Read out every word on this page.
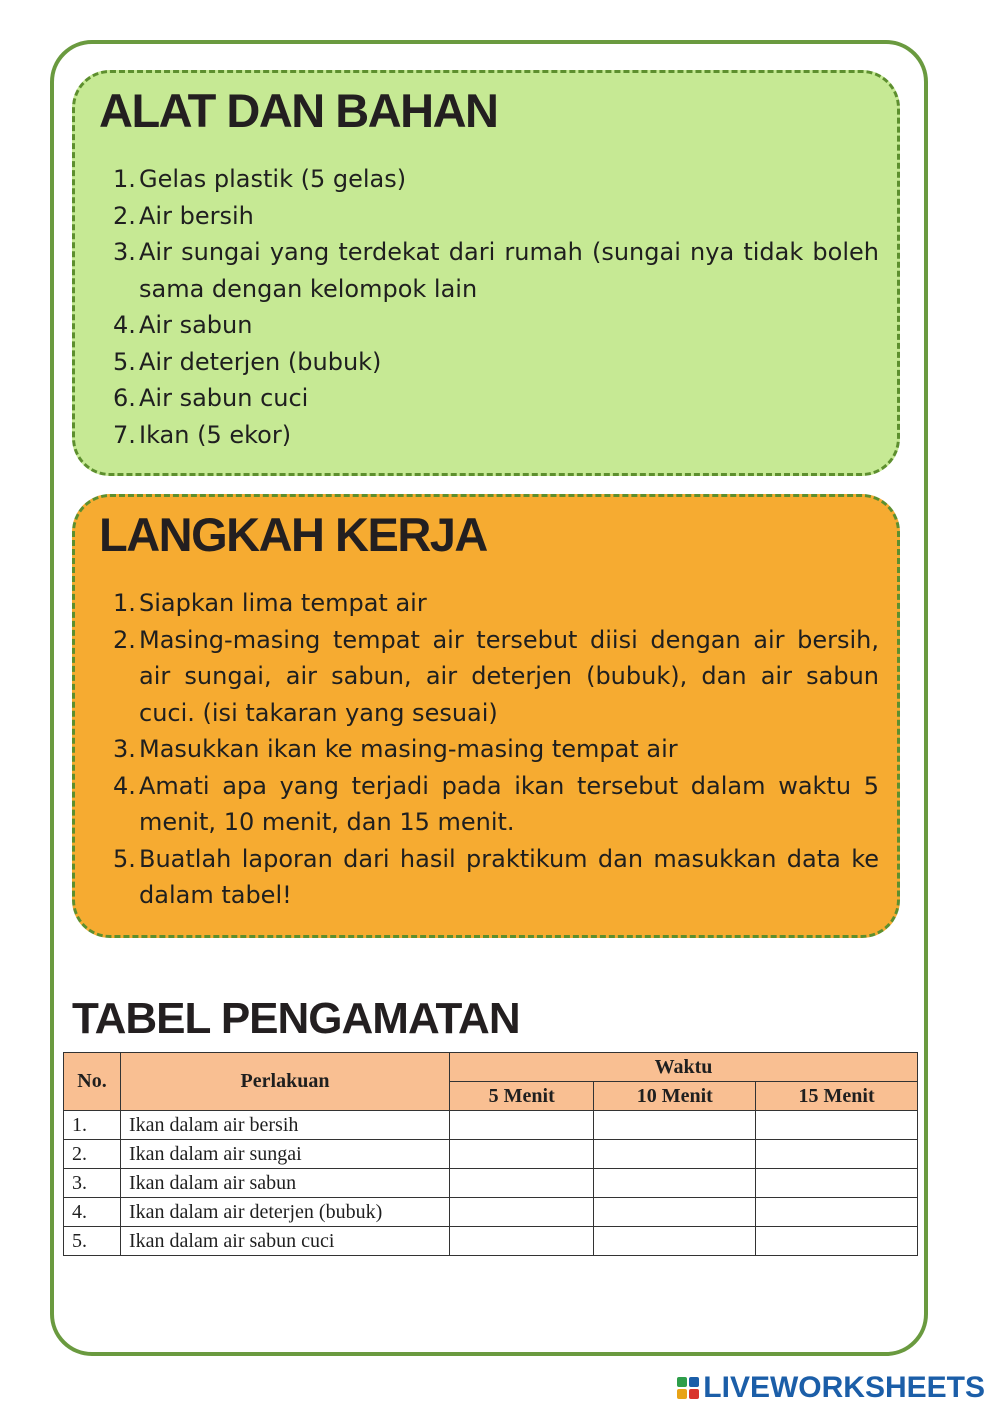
ALAT DAN BAHAN
1. Gelas plastik (5 gelas)
2. Air bersih
3. Air sungai yang terdekat dari rumah (sungai nya tidak boleh sama dengan kelompok lain
4. Air sabun
5. Air deterjen (bubuk)
6. Air sabun cuci
7. Ikan (5 ekor)
LANGKAH KERJA
1. Siapkan lima tempat air
2. Masing-masing tempat air tersebut diisi dengan air bersih, air sungai, air sabun, air deterjen (bubuk), dan air sabun cuci. (isi takaran yang sesuai)
3. Masukkan ikan ke masing-masing tempat air
4. Amati apa yang terjadi pada ikan tersebut dalam waktu 5 menit, 10 menit, dan 15 menit.
5. Buatlah laporan dari hasil praktikum dan masukkan data ke dalam tabel!
TABEL PENGAMATAN
No.	Perlakuan	Waktu		
		5 Menit	10 Menit	15 Menit
1.	Ikan dalam air bersih			
2.	Ikan dalam air sungai			
3.	Ikan dalam air sabun			
4.	Ikan dalam air deterjen (bubuk)			
5.	Ikan dalam air sabun cuci			
LIVEWORKSHEETS
